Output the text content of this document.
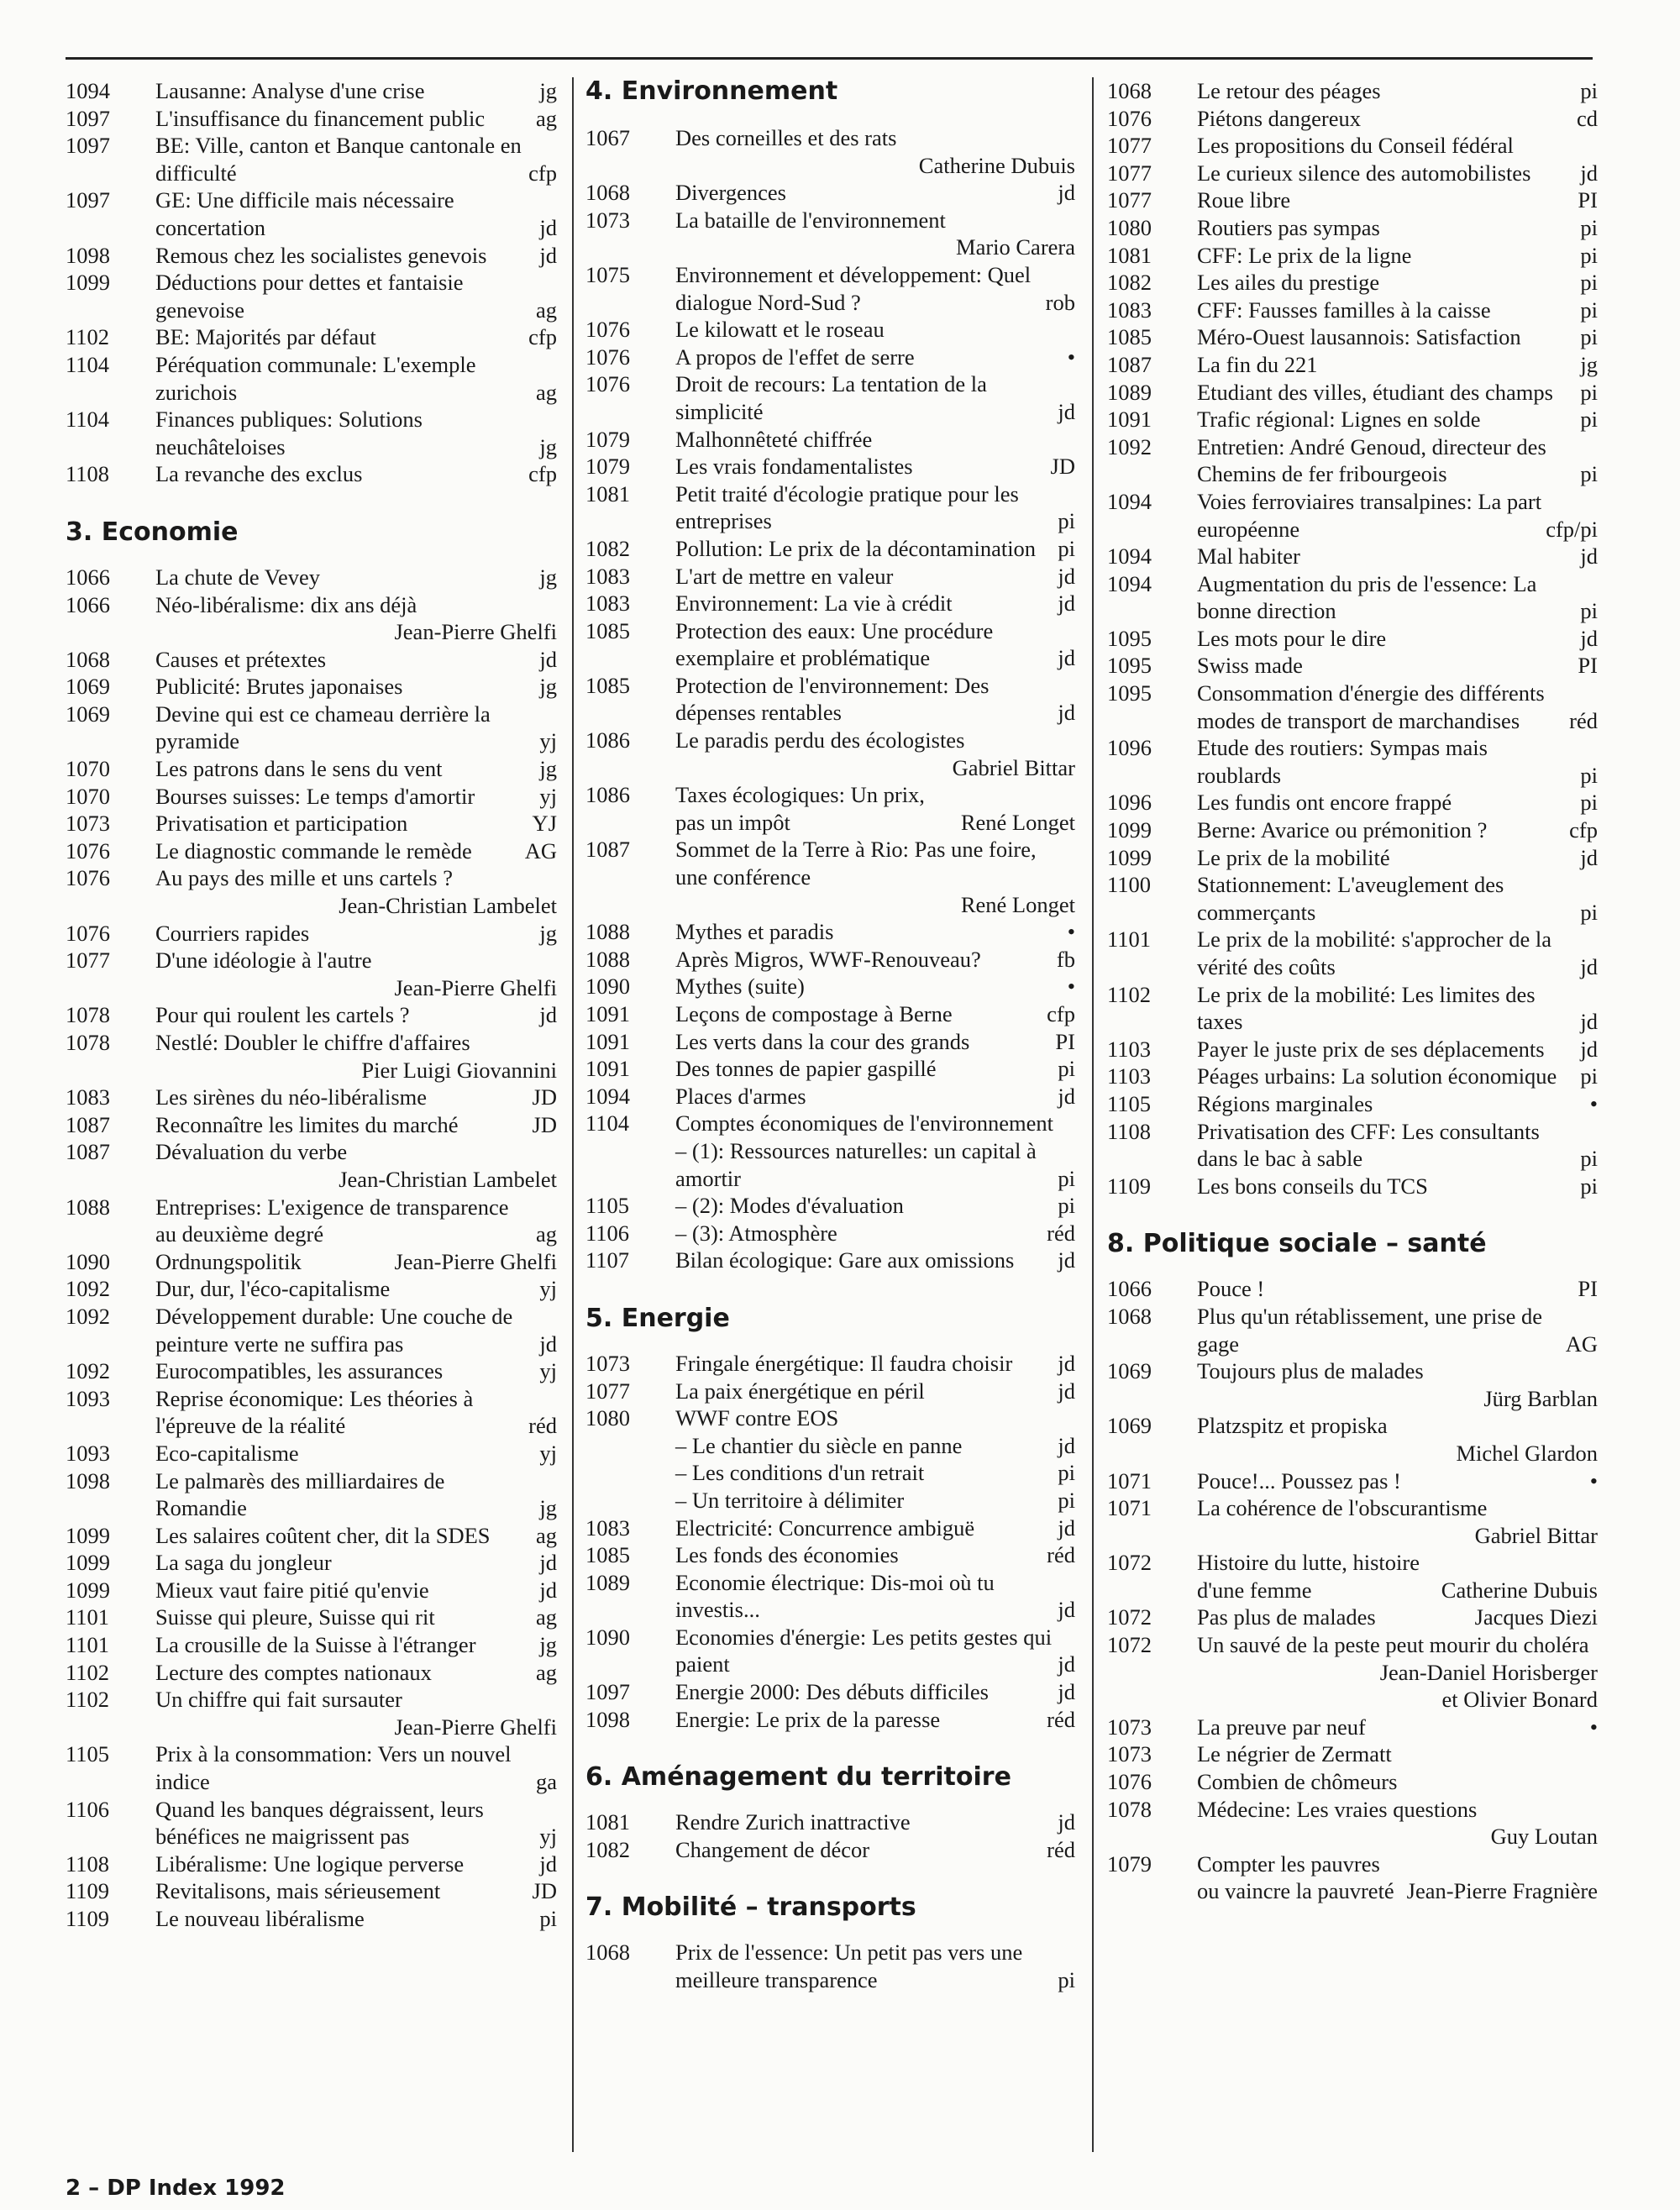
1094	Lausanne: Analyse d'une crise	jg
1097	L'insuffisance du financement public	ag
1097	BE: Ville, canton et Banque cantonale en difficulté	cfp
1097	GE: Une difficile mais nécessaire concertation	jd
1098	Remous chez les socialistes genevois	jd
1099	Déductions pour dettes et fantaisie genevoise	ag
1102	BE: Majorités par défaut	cfp
1104	Péréquation communale: L'exemple zurichois	ag
1104	Finances publiques: Solutions neuchâteloises	jg
1108	La revanche des exclus	cfp
3. Economie
1066	La chute de Vevey	jg
1066	Néo-libéralisme: dix ans déjà
Jean-Pierre Ghelfi
1068	Causes et prétextes	jd
1069	Publicité: Brutes japonaises	jg
1069	Devine qui est ce chameau derrière la pyramide	yj
1070	Les patrons dans le sens du vent	jg
1070	Bourses suisses: Le temps d'amortir	yj
1073	Privatisation et participation	YJ
1076	Le diagnostic commande le remède	AG
1076	Au pays des mille et uns cartels ?
Jean-Christian Lambelet
1076	Courriers rapides	jg
1077	D'une idéologie à l'autre
Jean-Pierre Ghelfi
1078	Pour qui roulent les cartels ?	jd
1078	Nestlé: Doubler le chiffre d'affaires
Pier Luigi Giovannini
1083	Les sirènes du néo-libéralisme	JD
1087	Reconnaître les limites du marché	JD
1087	Dévaluation du verbe
Jean-Christian Lambelet
1088	Entreprises: L'exigence de transparence au deuxième degré	ag
1090	Ordnungspolitik	Jean-Pierre Ghelfi
1092	Dur, dur, l'éco-capitalisme	yj
1092	Développement durable: Une couche de peinture verte ne suffira pas	jd
1092	Eurocompatibles, les assurances	yj
1093	Reprise économique: Les théories à l'épreuve de la réalité	réd
1093	Eco-capitalisme	yj
1098	Le palmarès des milliardaires de Romandie	jg
1099	Les salaires coûtent cher, dit la SDES	ag
1099	La saga du jongleur	jd
1099	Mieux vaut faire pitié qu'envie	jd
1101	Suisse qui pleure, Suisse qui rit	ag
1101	La crousille de la Suisse à l'étranger	jg
1102	Lecture des comptes nationaux	ag
1102	Un chiffre qui fait sursauter
Jean-Pierre Ghelfi
1105	Prix à la consommation: Vers un nouvel indice	ga
1106	Quand les banques dégraissent, leurs bénéfices ne maigrissent pas	yj
1108	Libéralisme: Une logique perverse	jd
1109	Revitalisons, mais sérieusement	JD
1109	Le nouveau libéralisme	pi
4. Environnement
1067	Des corneilles et des rats
Catherine Dubuis
1068	Divergences	jd
1073	La bataille de l'environnement
Mario Carera
1075	Environnement et développement: Quel dialogue Nord-Sud ?	rob
1076	Le kilowatt et le roseau
1076	A propos de l'effet de serre	•
1076	Droit de recours: La tentation de la simplicité	jd
1079	Malhonnêteté chiffrée
1079	Les vrais fondamentalistes	JD
1081	Petit traité d'écologie pratique pour les entreprises	pi
1082	Pollution: Le prix de la décontamination pi
1083	L'art de mettre en valeur	jd
1083	Environnement: La vie à crédit	jd
1085	Protection des eaux: Une procédure exemplaire et problématique	jd
1085	Protection de l'environnement: Des dépenses rentables	jd
1086	Le paradis perdu des écologistes
Gabriel Bittar
1086	Taxes écologiques: Un prix, pas un impôt	René Longet
1087	Sommet de la Terre à Rio: Pas une foire, une conférence
René Longet
1088	Mythes et paradis	•
1088	Après Migros, WWF-Renouveau?	fb
1090	Mythes (suite)	•
1091	Leçons de compostage à Berne	cfp
1091	Les verts dans la cour des grands	PI
1091	Des tonnes de papier gaspillé	pi
1094	Places d'armes	jd
1104	Comptes économiques de l'environnement
– (1): Ressources naturelles: un capital à amortir	pi
1105	– (2): Modes d'évaluation	pi
1106	– (3): Atmosphère	réd
1107	Bilan écologique: Gare aux omissions	jd
5. Energie
1073	Fringale énergétique: Il faudra choisir	jd
1077	La paix énergétique en péril	jd
1080	WWF contre EOS
– Le chantier du siècle en panne	jd
– Les conditions d'un retrait	pi
– Un territoire à délimiter	pi
1083	Electricité: Concurrence ambiguë	jd
1085	Les fonds des économies	réd
1089	Economie électrique: Dis-moi où tu investis...	jd
1090	Economies d'énergie: Les petits gestes qui paient	jd
1097	Energie 2000: Des débuts difficiles	jd
1098	Energie: Le prix de la paresse	réd
6. Aménagement du territoire
1081	Rendre Zurich inattractive	jd
1082	Changement de décor	réd
7. Mobilité – transports
1068	Prix de l'essence: Un petit pas vers une meilleure transparence	pi
1068	Le retour des péages	pi
1076	Piétons dangereux	cd
1077	Les propositions du Conseil fédéral
1077	Le curieux silence des automobilistes	jd
1077	Roue libre	PI
1080	Routiers pas sympas	pi
1081	CFF: Le prix de la ligne	pi
1082	Les ailes du prestige	pi
1083	CFF: Fausses familles à la caisse	pi
1085	Méro-Ouest lausannois: Satisfaction	pi
1087	La fin du 221	jg
1089	Etudiant des villes, étudiant des champs	pi
1091	Trafic régional: Lignes en solde	pi
1092	Entretien: André Genoud, directeur des Chemins de fer fribourgeois	pi
1094	Voies ferroviaires transalpines: La part européenne	cfp/pi
1094	Mal habiter	jd
1094	Augmentation du pris de l'essence: La bonne direction	pi
1095	Les mots pour le dire	jd
1095	Swiss made	PI
1095	Consommation d'énergie des différents modes de transport de marchandises	réd
1096	Etude des routiers: Sympas mais roublards	pi
1096	Les fundis ont encore frappé	pi
1099	Berne: Avarice ou prémonition ?	cfp
1099	Le prix de la mobilité	jd
1100	Stationnement: L'aveuglement des commerçants	pi
1101	Le prix de la mobilité: s'approcher de la vérité des coûts	jd
1102	Le prix de la mobilité: Les limites des taxes	jd
1103	Payer le juste prix de ses déplacements	jd
1103	Péages urbains: La solution économique	pi
1105	Régions marginales	•
1108	Privatisation des CFF: Les consultants dans le bac à sable	pi
1109	Les bons conseils du TCS	pi
8. Politique sociale – santé
1066	Pouce !	PI
1068	Plus qu'un rétablissement, une prise de gage	AG
1069	Toujours plus de malades
Jürg Barblan
1069	Platzspitz et propiska
Michel Glardon
1071	Pouce!... Poussez pas !	•
1071	La cohérence de l'obscurantisme
Gabriel Bittar
1072	Histoire du lutte, histoire d'une femme	Catherine Dubuis
1072	Pas plus de malades	Jacques Diezi
1072	Un sauvé de la peste peut mourir du choléra
Jean-Daniel Horisberger
et Olivier Bonard
1073	La preuve par neuf	•
1073	Le négrier de Zermatt
1076	Combien de chômeurs
1078	Médecine: Les vraies questions
Guy Loutan
1079	Compter les pauvres ou vaincre la pauvreté Jean-Pierre Fragnière
2 – DP Index 1992
